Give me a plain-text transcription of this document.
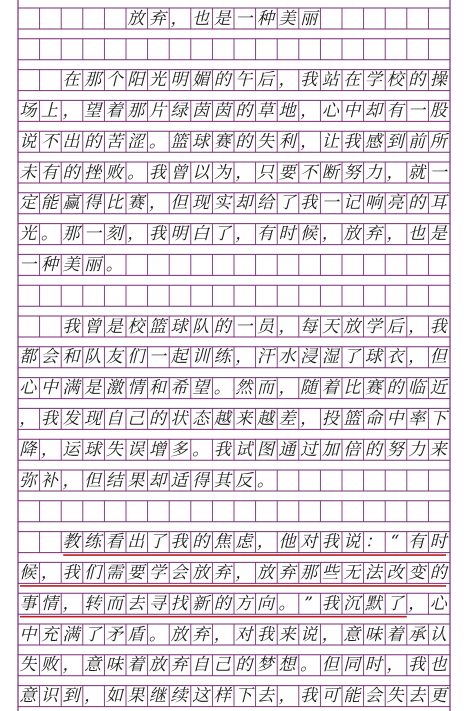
放 弃 ， 也 是 一 种 美 丽

在 那 个 阳 光 明 媚 的 午 后 ， 我 站 在 学 校 的 操
场 上 ， 望 着 那 片 绿 茵 茵 的 草 地 ， 心 中 却 有 一 股
说 不 出 的 苦 涩 。 篮 球 赛 的 失 利 ， 让 我 感 到 前 所
未 有 的 挫 败 。 我 曾 以 为 ， 只 要 不 断 努 力 ， 就 一
定 能 赢 得 比 赛 ， 但 现 实 却 给 了 我 一 记 响 亮 的 耳
光 。 那 一 刻 ， 我 明 白 了 ， 有 时 候 ， 放 弃 ， 也 是
一 种 美 丽 。

我 曾 是 校 篮 球 队 的 一 员 ， 每 天 放 学 后 ， 我
都 会 和 队 友 们 一 起 训 练 ， 汗 水 浸 湿 了 球 衣 ， 但
心 中 满 是 激 情 和 希 望 。 然 而 ， 随 着 比 赛 的 临 近
， 我 发 现 自 己 的 状 态 越 来 越 差 ， 投 篮 命 中 率 下
降 ， 运 球 失 误 增 多 。 我 试 图 通 过 加 倍 的 努 力 来
弥 补 ， 但 结 果 却 适 得 其 反 。

教 练 看 出 了 我 的 焦 虑 ， 他 对 我 说 ： “ 有 时
候 ， 我 们 需 要 学 会 放 弃 ， 放 弃 那 些 无 法 改 变 的
事 情 ， 转 而 去 寻 找 新 的 方 向 。 ” 我 沉 默 了 ， 心
中 充 满 了 矛 盾 。 放 弃 ， 对 我 来 说 ， 意 味 着 承 认
失 败 ， 意 味 着 放 弃 自 己 的 梦 想 。 但 同 时 ， 我 也
意 识 到 ， 如 果 继 续 这 样 下 去 ， 我 可 能 会 失 去 更
